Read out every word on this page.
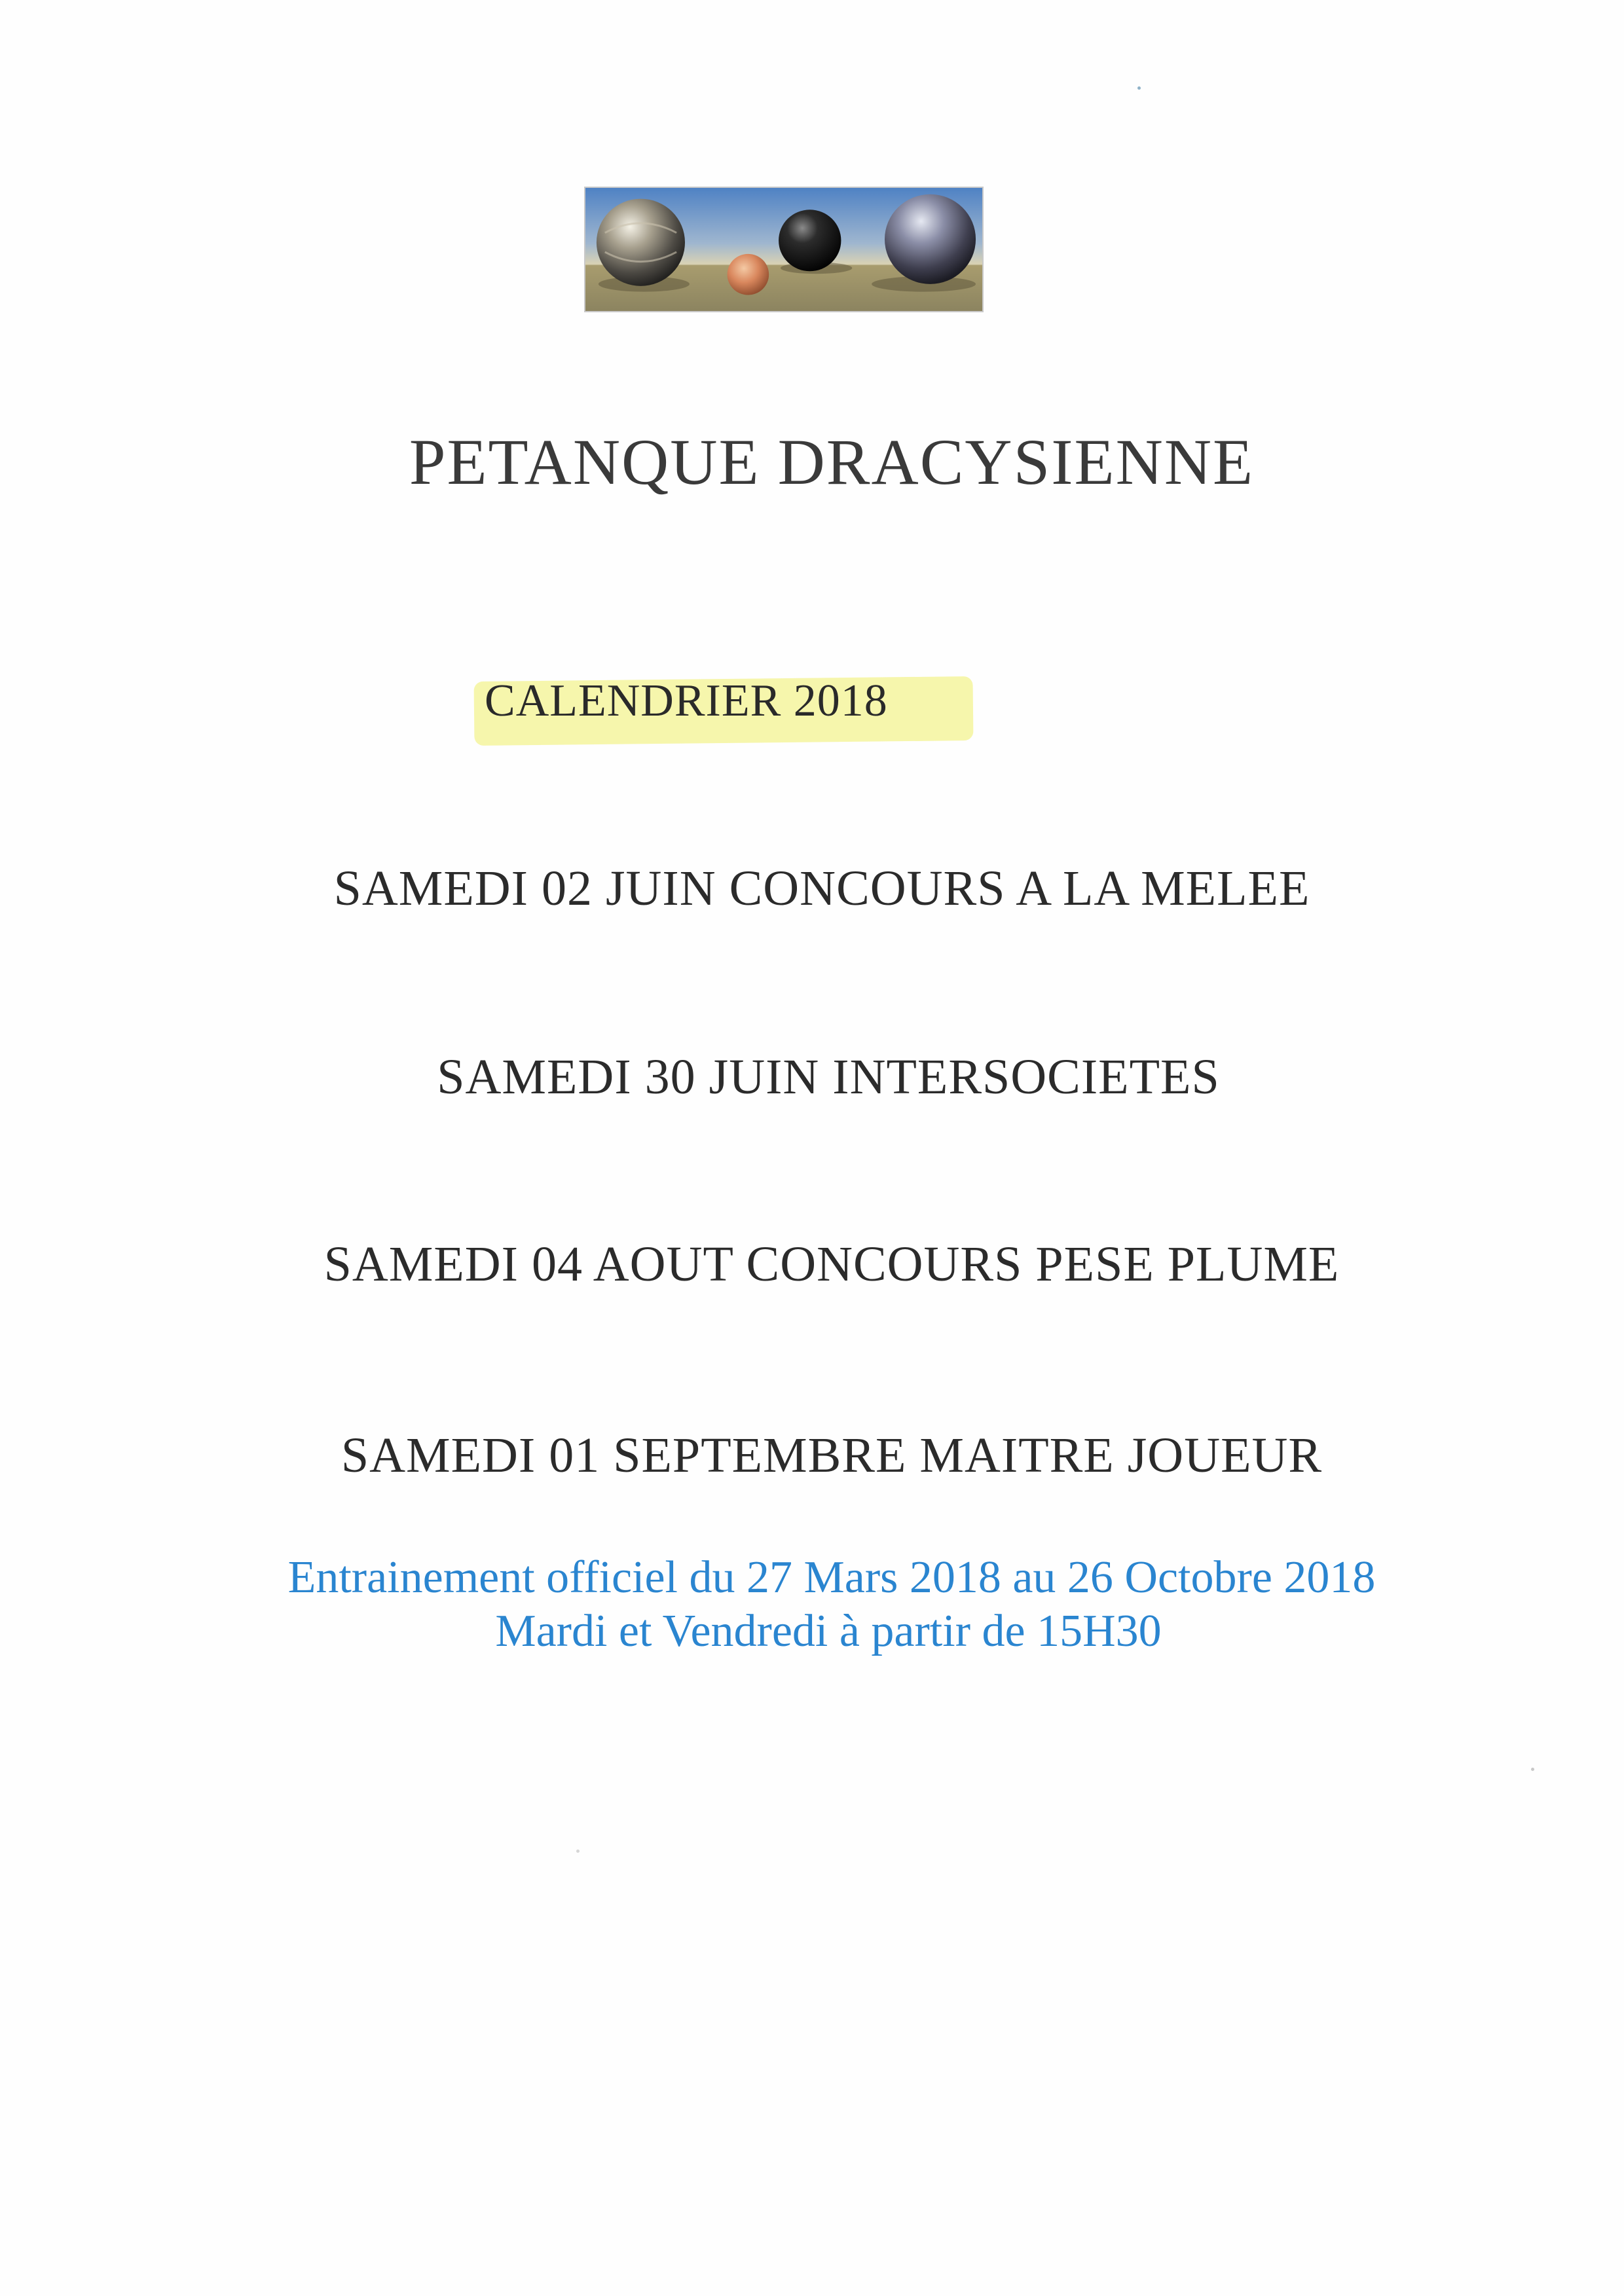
PETANQUE DRACYSIENNE
CALENDRIER 2018
SAMEDI 02 JUIN CONCOURS A LA MELEE
SAMEDI 30 JUIN INTERSOCIETES
SAMEDI 04 AOUT CONCOURS PESE PLUME
SAMEDI 01 SEPTEMBRE MAITRE JOUEUR
Entrainement officiel du 27 Mars 2018 au 26 Octobre 2018
Mardi et Vendredi à partir de 15H30
